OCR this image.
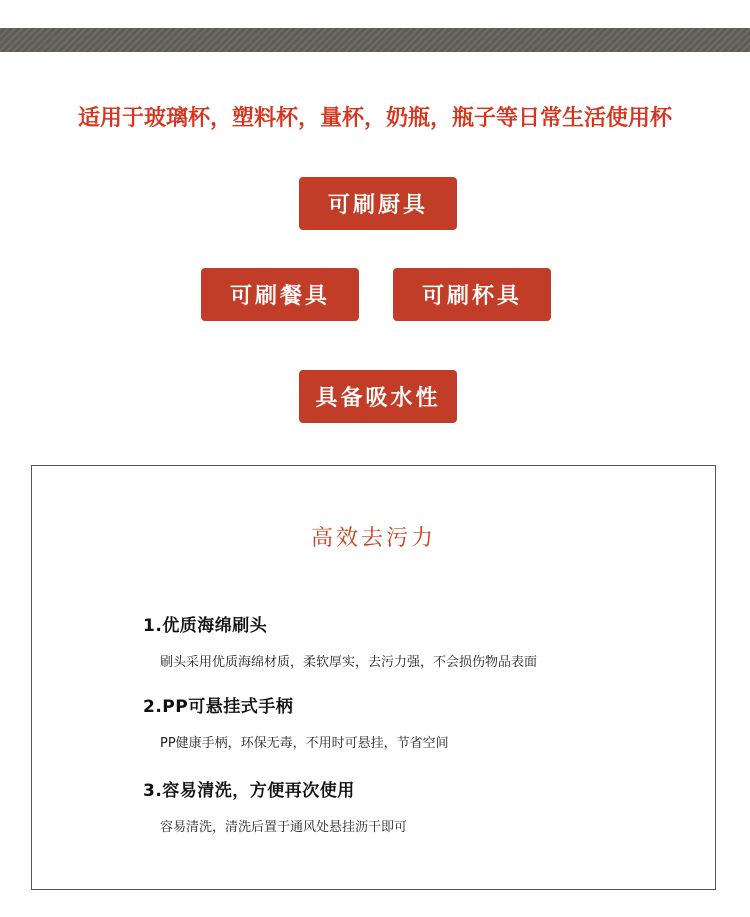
适用于玻璃杯，塑料杯，量杯，奶瓶，瓶子等日常生活使用杯
可刷厨具
可刷餐具	可刷杯具
具备吸水性
高效去污力
1.优质海绵刷头
刷头采用优质海绵材质，柔软厚实，去污力强，不会损伤物品表面
2.PP可悬挂式手柄
PP健康手柄，环保无毒，不用时可悬挂，节省空间
3.容易清洗，方便再次使用
容易清洗，清洗后置于通风处悬挂沥干即可
